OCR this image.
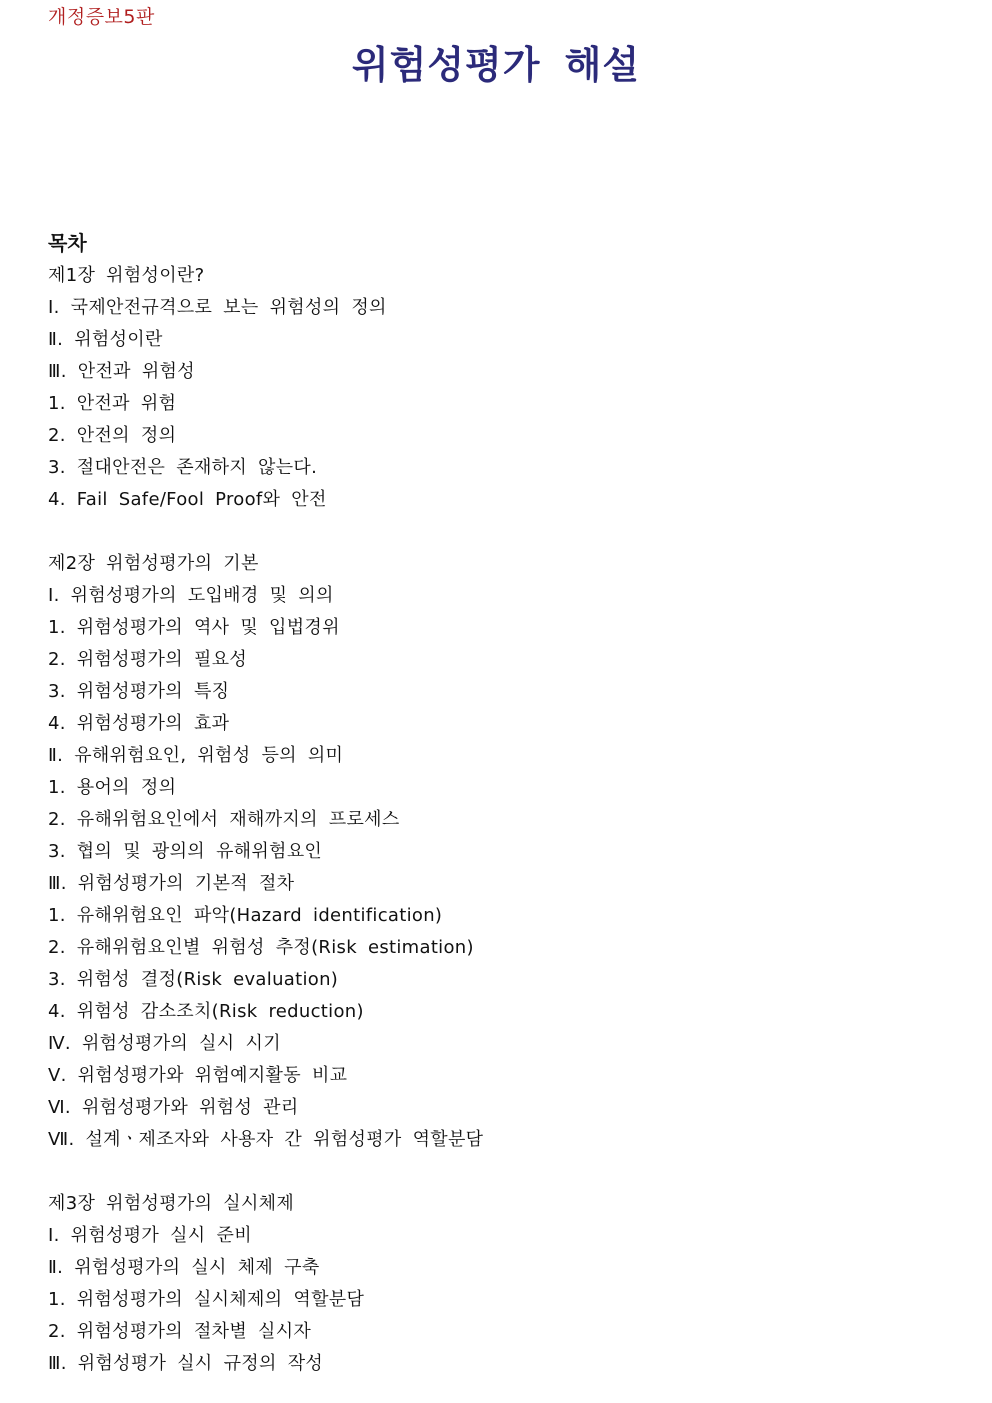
개정증보5판
위험성평가 해설
목차
제1장 위험성이란?
Ⅰ. 국제안전규격으로 보는 위험성의 정의
Ⅱ. 위험성이란
Ⅲ. 안전과 위험성
1. 안전과 위험
2. 안전의 정의
3. 절대안전은 존재하지 않는다.
4. Fail Safe/Fool Proof와 안전
제2장 위험성평가의 기본
Ⅰ. 위험성평가의 도입배경 및 의의
1. 위험성평가의 역사 및 입법경위
2. 위험성평가의 필요성
3. 위험성평가의 특징
4. 위험성평가의 효과
Ⅱ. 유해위험요인, 위험성 등의 의미
1. 용어의 정의
2. 유해위험요인에서 재해까지의 프로세스
3. 협의 및 광의의 유해위험요인
Ⅲ. 위험성평가의 기본적 절차
1. 유해위험요인 파악(Hazard identification)
2. 유해위험요인별 위험성 추정(Risk estimation)
3. 위험성 결정(Risk evaluation)
4. 위험성 감소조치(Risk reduction)
Ⅳ. 위험성평가의 실시 시기
Ⅴ. 위험성평가와 위험예지활동 비교
Ⅵ. 위험성평가와 위험성 관리
Ⅶ. 설계ㆍ제조자와 사용자 간 위험성평가 역할분담
제3장 위험성평가의 실시체제
Ⅰ. 위험성평가 실시 준비
Ⅱ. 위험성평가의 실시 체제 구축
1. 위험성평가의 실시체제의 역할분담
2. 위험성평가의 절차별 실시자
Ⅲ. 위험성평가 실시 규정의 작성
